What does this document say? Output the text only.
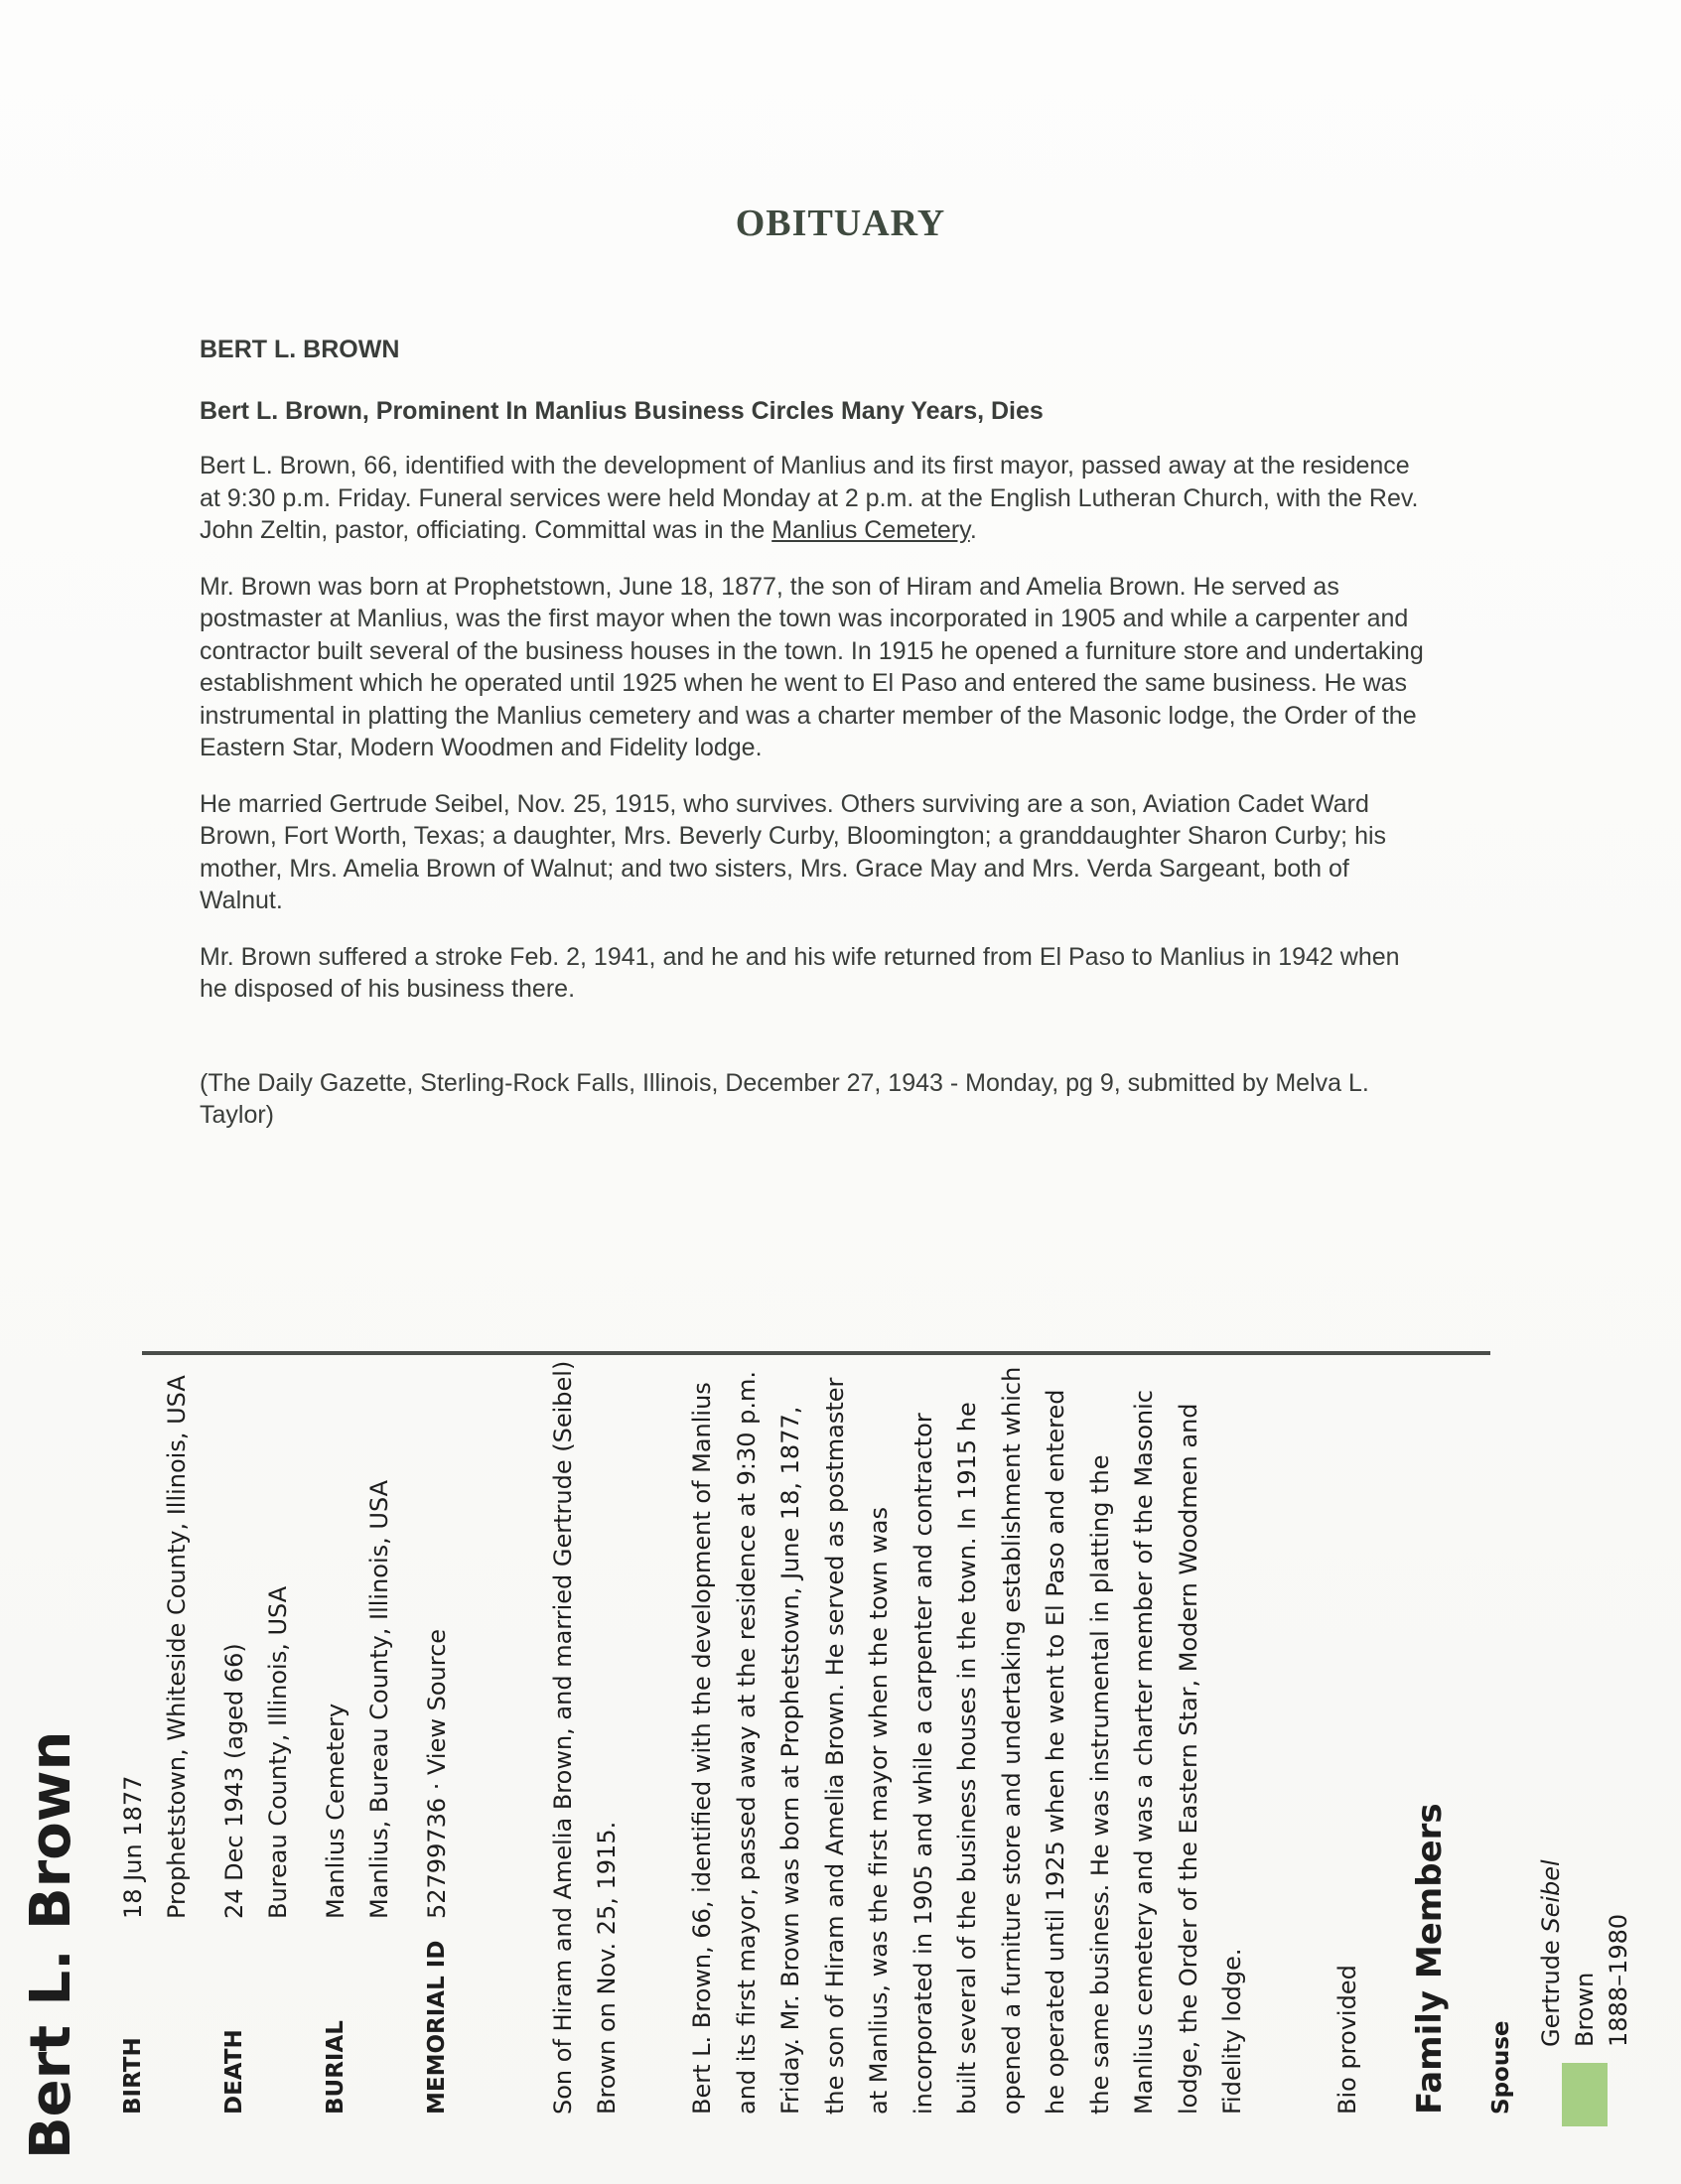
OBITUARY

BERT L. BROWN

Bert L. Brown, Prominent In Manlius Business Circles Many Years, Dies

Bert L. Brown, 66, identified with the development of Manlius and its first mayor, passed away at the residence at 9:30 p.m. Friday. Funeral services were held Monday at 2 p.m. at the English Lutheran Church, with the Rev. John Zeltin, pastor, officiating. Committal was in the Manlius Cemetery.

Mr. Brown was born at Prophetstown, June 18, 1877, the son of Hiram and Amelia Brown. He served as postmaster at Manlius, was the first mayor when the town was incorporated in 1905 and while a carpenter and contractor built several of the business houses in the town. In 1915 he opened a furniture store and undertaking establishment which he operated until 1925 when he went to El Paso and entered the same business. He was instrumental in platting the Manlius cemetery and was a charter member of the Masonic lodge, the Order of the Eastern Star, Modern Woodmen and Fidelity lodge.

He married Gertrude Seibel, Nov. 25, 1915, who survives. Others surviving are a son, Aviation Cadet Ward Brown, Fort Worth, Texas; a daughter, Mrs. Beverly Curby, Bloomington; a granddaughter Sharon Curby; his mother, Mrs. Amelia Brown of Walnut; and two sisters, Mrs. Grace May and Mrs. Verda Sargeant, both of Walnut.

Mr. Brown suffered a stroke Feb. 2, 1941, and he and his wife returned from El Paso to Manlius in 1942 when he disposed of his business there.

(The Daily Gazette, Sterling-Rock Falls, Illinois, December 27, 1943 - Monday, pg 9, submitted by Melva L. Taylor)

Bert L. Brown	BIRTH
18 Jun 1877 Prophetstown, Whiteside County, Illinois, USA
DEATH
24 Dec 1943 (aged 66) Bureau County, Illinois, USA
BURIAL
Manlius Cemetery Manlius, Bureau County, Illinois, USA
MEMORIAL ID
52799736 · View Source	Son of Hiram and Amelia Brown, and married Gertrude (Seibel) Brown on Nov. 25, 1915.	Bert L. Brown, 66, identified with the development of Manlius and its first mayor, passed away at the residence at 9:30 p.m. Friday. Mr. Brown was born at Prophetstown, June 18, 1877, the son of Hiram and Amelia Brown. He served as postmaster at Manlius, was the first mayor when the town was incorporated in 1905 and while a carpenter and contractor built several of the business houses in the town. In 1915 he opened a furniture store and undertaking establishment which he operated until 1925 when he went to El Paso and entered the same business. He was instrumental in platting the Manlius cemetery and was a charter member of the Masonic lodge, the Order of the Eastern Star, Modern Woodmen and Fidelity lodge.	Bio provided Family Members	Spouse

Gertrude Seibel
Brown 1888–1980
